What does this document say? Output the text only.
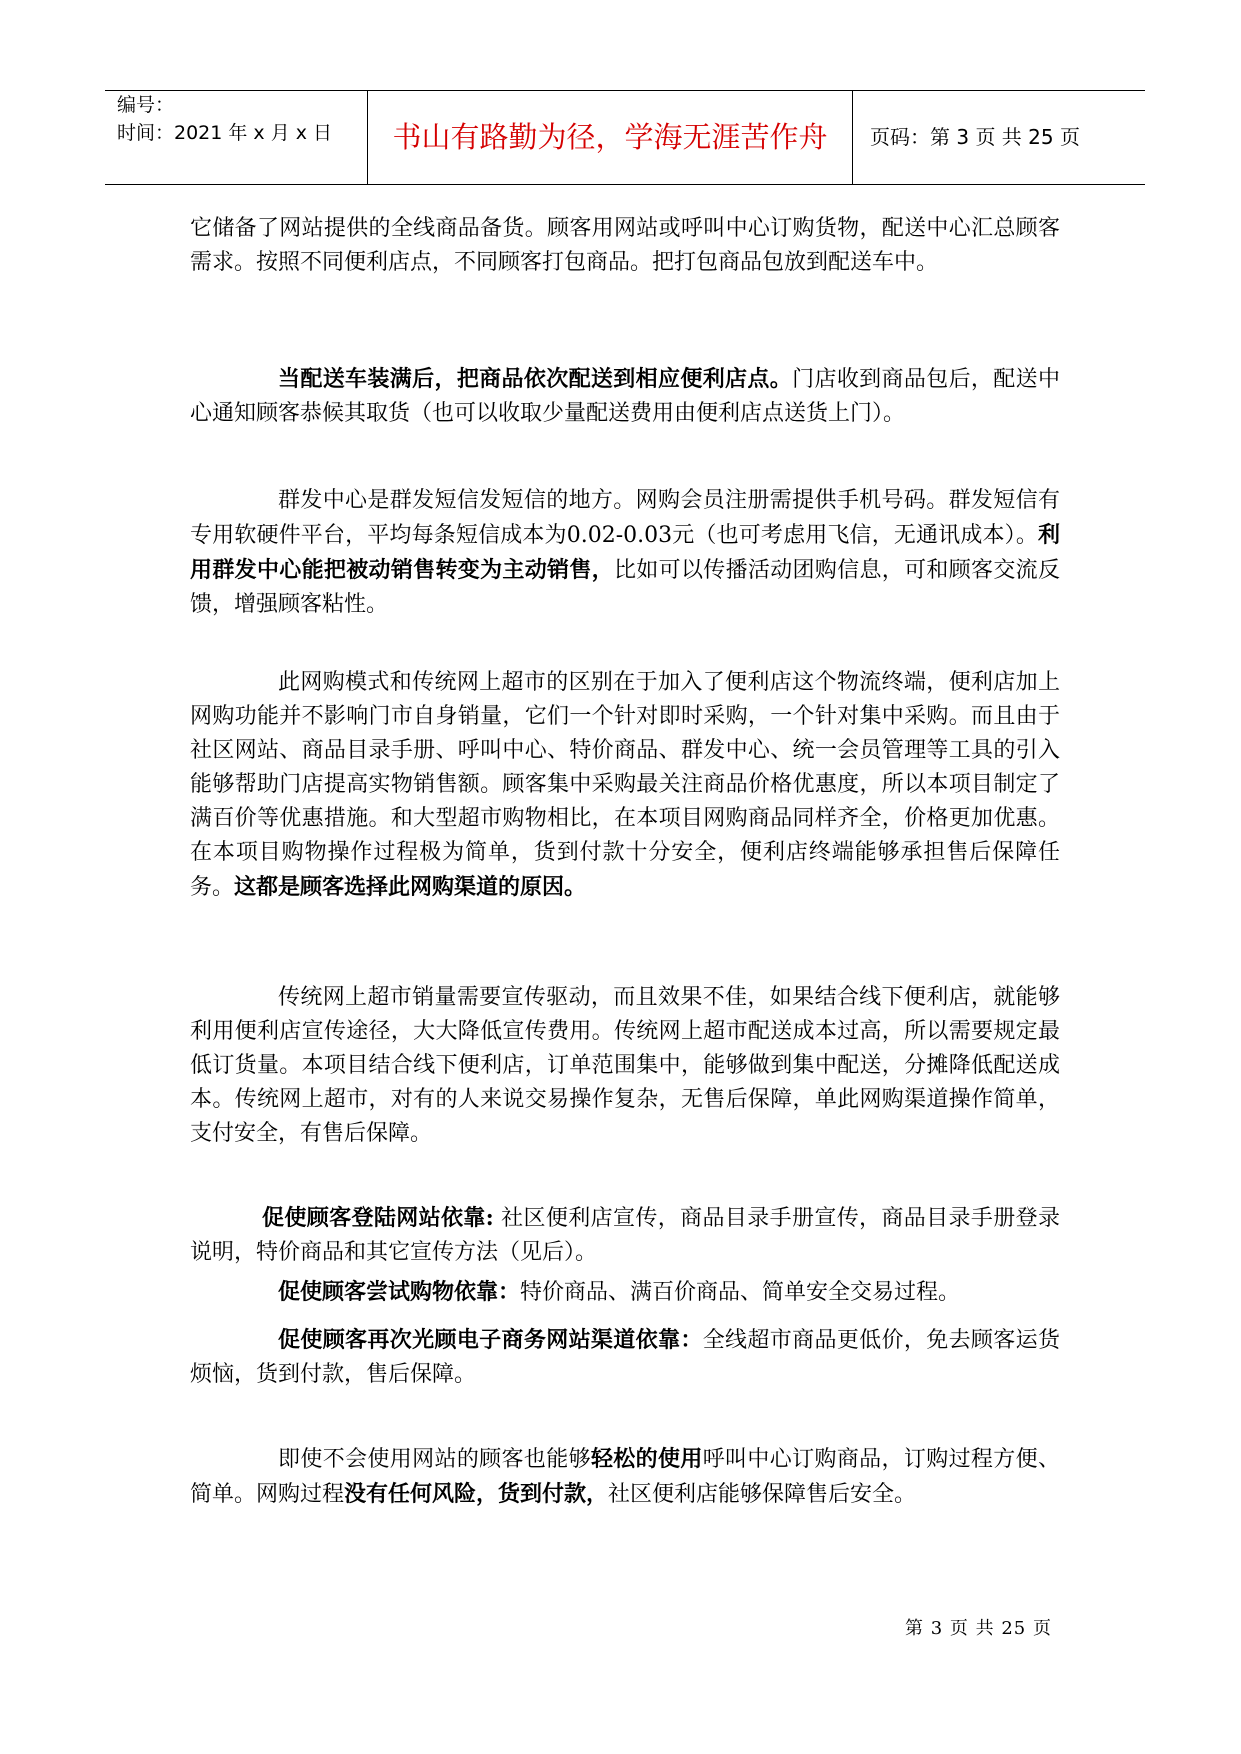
编号：
时间：2021 年 x 月 x 日	书山有路勤为径，学海无涯苦作舟	页码：第 3 页 共 25 页

它储备了网站提供的全线商品备货。顾客用网站或呼叫中心订购货物，配送中心汇总顾客需求。按照不同便利店点，不同顾客打包商品。把打包商品包放到配送车中。

当配送车装满后，把商品依次配送到相应便利店点。门店收到商品包后，配送中心通知顾客恭候其取货（也可以收取少量配送费用由便利店点送货上门）。

群发中心是群发短信发短信的地方。网购会员注册需提供手机号码。群发短信有专用软硬件平台，平均每条短信成本为0.02-0.03元（也可考虑用飞信，无通讯成本）。利用群发中心能把被动销售转变为主动销售，比如可以传播活动团购信息，可和顾客交流反馈，增强顾客粘性。

此网购模式和传统网上超市的区别在于加入了便利店这个物流终端，便利店加上网购功能并不影响门市自身销量，它们一个针对即时采购，一个针对集中采购。而且由于社区网站、商品目录手册、呼叫中心、特价商品、群发中心、统一会员管理等工具的引入能够帮助门店提高实物销售额。顾客集中采购最关注商品价格优惠度，所以本项目制定了满百价等优惠措施。和大型超市购物相比，在本项目网购商品同样齐全，价格更加优惠。在本项目购物操作过程极为简单，货到付款十分安全，便利店终端能够承担售后保障任务。这都是顾客选择此网购渠道的原因。

传统网上超市销量需要宣传驱动，而且效果不佳，如果结合线下便利店，就能够利用便利店宣传途径，大大降低宣传费用。传统网上超市配送成本过高，所以需要规定最低订货量。本项目结合线下便利店，订单范围集中，能够做到集中配送，分摊降低配送成本。传统网上超市，对有的人来说交易操作复杂，无售后保障，单此网购渠道操作简单，支付安全，有售后保障。

促使顾客登陆网站依靠: 社区便利店宣传，商品目录手册宣传，商品目录手册登录说明，特价商品和其它宣传方法（见后）。

促使顾客尝试购物依靠：特价商品、满百价商品、简单安全交易过程。

促使顾客再次光顾电子商务网站渠道依靠：全线超市商品更低价，免去顾客运货烦恼，货到付款，售后保障。

即使不会使用网站的顾客也能够轻松的使用呼叫中心订购商品，订购过程方便、简单。网购过程没有任何风险，货到付款，社区便利店能够保障售后安全。

第 3 页 共 25 页
